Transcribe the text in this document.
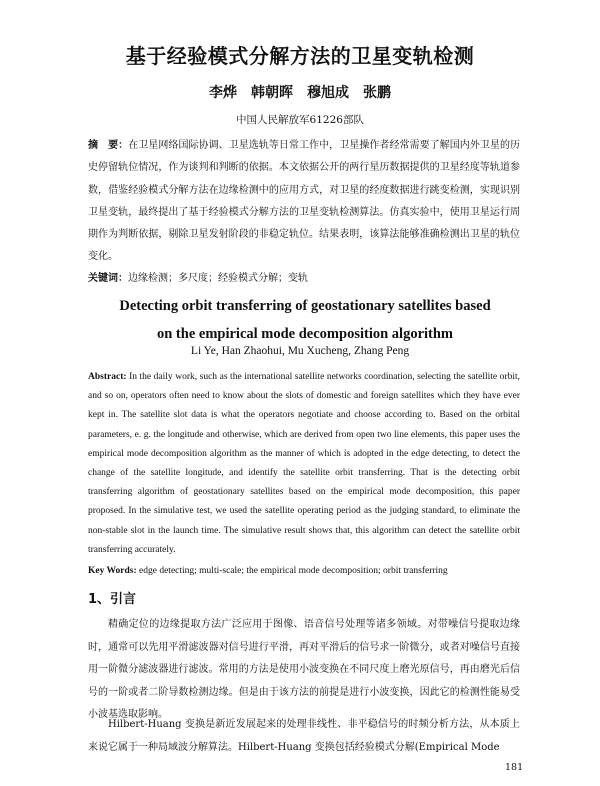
基于经验模式分解方法的卫星变轨检测
李烨　韩朝晖　穆旭成　张鹏
中国人民解放军61226部队
摘　要：在卫星网络国际协调、卫星选轨等日常工作中，卫星操作者经常需要了解国内外卫星的历史停留轨位情况，作为谈判和判断的依据。本文依据公开的两行星历数据提供的卫星经度等轨道参数，借鉴经验模式分解方法在边缘检测中的应用方式，对卫星的经度数据进行跳变检测，实现识别卫星变轨，最终提出了基于经验模式分解方法的卫星变轨检测算法。仿真实验中，使用卫星运行周期作为判断依据，剔除卫星发射阶段的非稳定轨位。结果表明，该算法能够准确检测出卫星的轨位变化。
关键词：边缘检测；多尺度；经验模式分解；变轨
Detecting orbit transferring of geostationary satellites based on the empirical mode decomposition algorithm
Li Ye, Han Zhaohui, Mu Xucheng, Zhang Peng
Abstract: In the daily work, such as the international satellite networks coordination, selecting the satellite orbit, and so on, operators often need to know about the slots of domestic and foreign satellites which they have ever kept in. The satellite slot data is what the operators negotiate and choose according to. Based on the orbital parameters, e. g. the longitude and otherwise, which are derived from open two line elements, this paper uses the empirical mode decomposition algorithm as the manner of which is adopted in the edge detecting, to detect the change of the satellite longitude, and identify the satellite orbit transferring. That is the detecting orbit transferring algorithm of geostationary satellites based on the empirical mode decomposition, this paper proposed. In the simulative test, we used the satellite operating period as the judging standard, to eliminate the non-stable slot in the launch time. The simulative result shows that, this algorithm can detect the satellite orbit transferring accurately.
Key Words: edge detecting; multi-scale; the empirical mode decomposition; orbit transferring
1、引言
精确定位的边缘提取方法广泛应用于图像、语音信号处理等诸多领域。对带噪信号提取边缘时，通常可以先用平滑滤波器对信号进行平滑，再对平滑后的信号求一阶微分，或者对噪信号直接用一阶微分滤波器进行滤波。常用的方法是使用小波变换在不同尺度上磨光原信号，再由磨光后信号的一阶或者二阶导数检测边缘。但是由于该方法的前提是进行小波变换，因此它的检测性能易受小波基选取影响。
Hilbert-Huang 变换是新近发展起来的处理非线性、非平稳信号的时频分析方法，从本质上来说它属于一种局域波分解算法。Hilbert-Huang 变换包括经验模式分解(Empirical Mode
181
